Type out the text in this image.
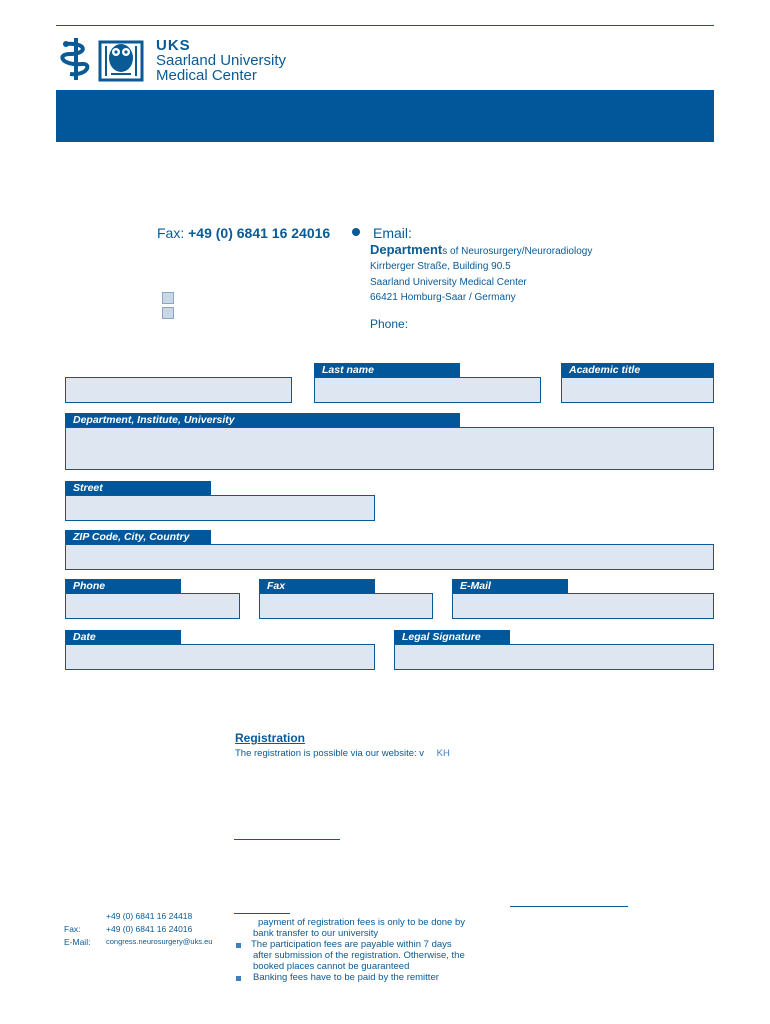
UKS
Saarland University
Medical Center
Fax: +49 (0) 6841 16 24016	Email:
Departments of Neurosurgery/Neuroradiology
Kirrberger Straße, Building 90.5
Saarland University Medical Center
66421 Homburg-Saar / Germany
Phone:
Last name	Academic title
Department, Institute, University
Street
ZIP Code, City, Country
Phone	Fax	E-Mail
Date	Legal Signature
Registration
The registration is possible via our website: v KH
+49 (0) 6841 16 24418
Fax:	+49 (0) 6841 16 24016
E-Mail: congress.neurosurgery@uks.eu
payment of registration fees is only to be done by
bank transfer to our university
The participation fees are payable within 7 days
after submission of the registration. Otherwise, the
booked places cannot be guaranteed
Banking fees have to be paid by the remitter
